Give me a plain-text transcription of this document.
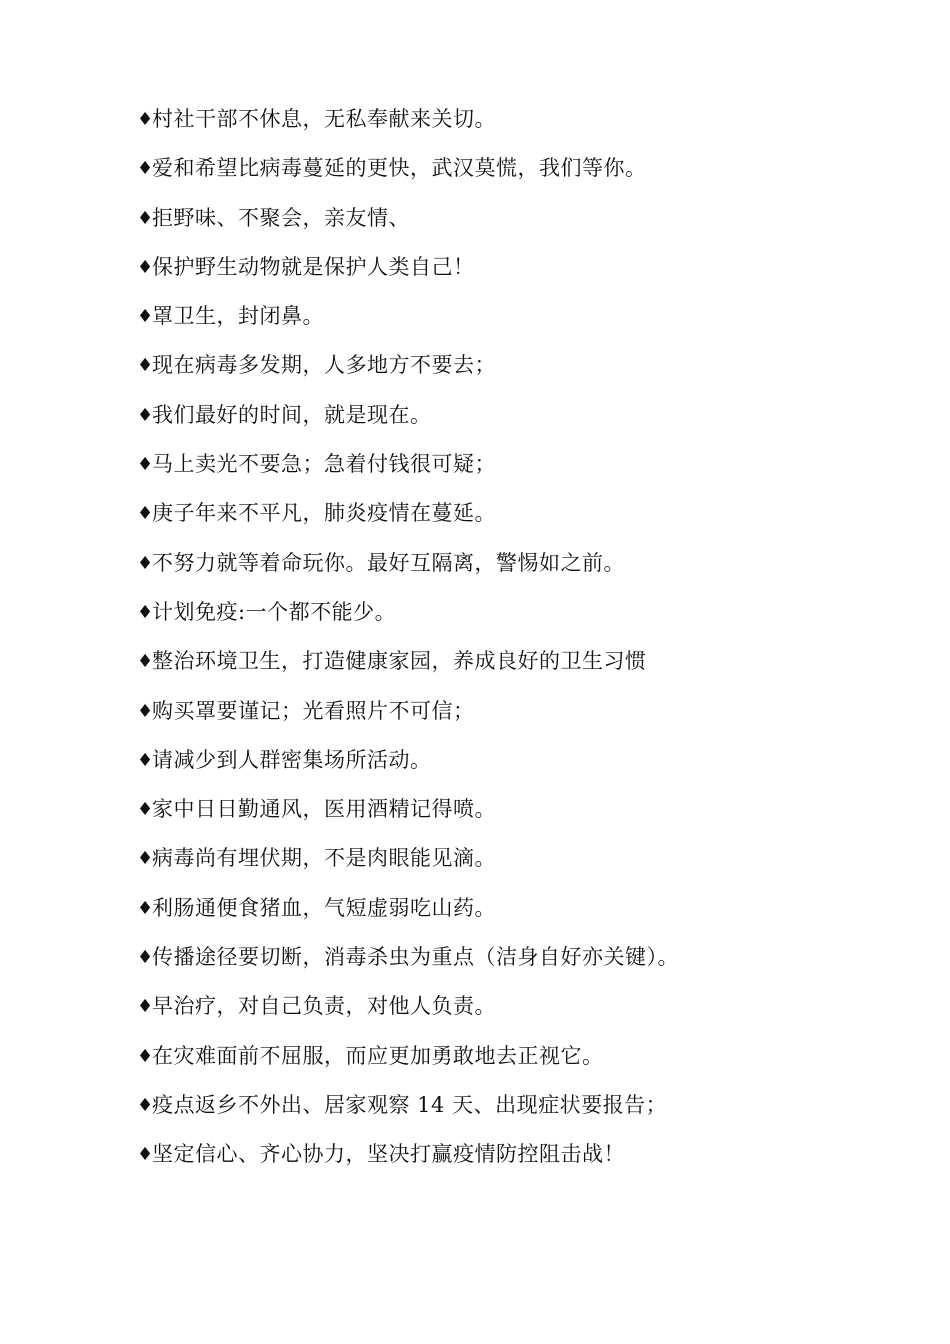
♦
村社干部不休息，无私奉献来关切。
♦
爱和希望比病毒蔓延的更快，武汉莫慌，我们等你。
♦
拒野味、不聚会，亲友情、
♦
保护野生动物就是保护人类自己！
♦
罩卫生，封闭鼻。
♦
现在病毒多发期，人多地方不要去；
♦
我们最好的时间，就是现在。
♦
马上卖光不要急；急着付钱很可疑；
♦
庚子年来不平凡，肺炎疫情在蔓延。
♦
不努力就等着命玩你。最好互隔离，警惕如之前。
♦
计划免疫:一个都不能少。
♦
整治环境卫生，打造健康家园，养成良好的卫生习惯
♦
购买罩要谨记；光看照片不可信；
♦
请减少到人群密集场所活动。
♦
家中日日勤通风，医用酒精记得喷。
♦
病毒尚有埋伏期，不是肉眼能见滴。
♦
利肠通便食猪血，气短虚弱吃山药。
♦
传播途径要切断，消毒杀虫为重点（洁身自好亦关键）。
♦
早治疗，对自己负责，对他人负责。
♦
在灾难面前不屈服，而应更加勇敢地去正视它。
♦
疫点返乡不外出、居家观察 14 天、出现症状要报告；
♦
坚定信心、齐心协力，坚决打赢疫情防控阻击战！
